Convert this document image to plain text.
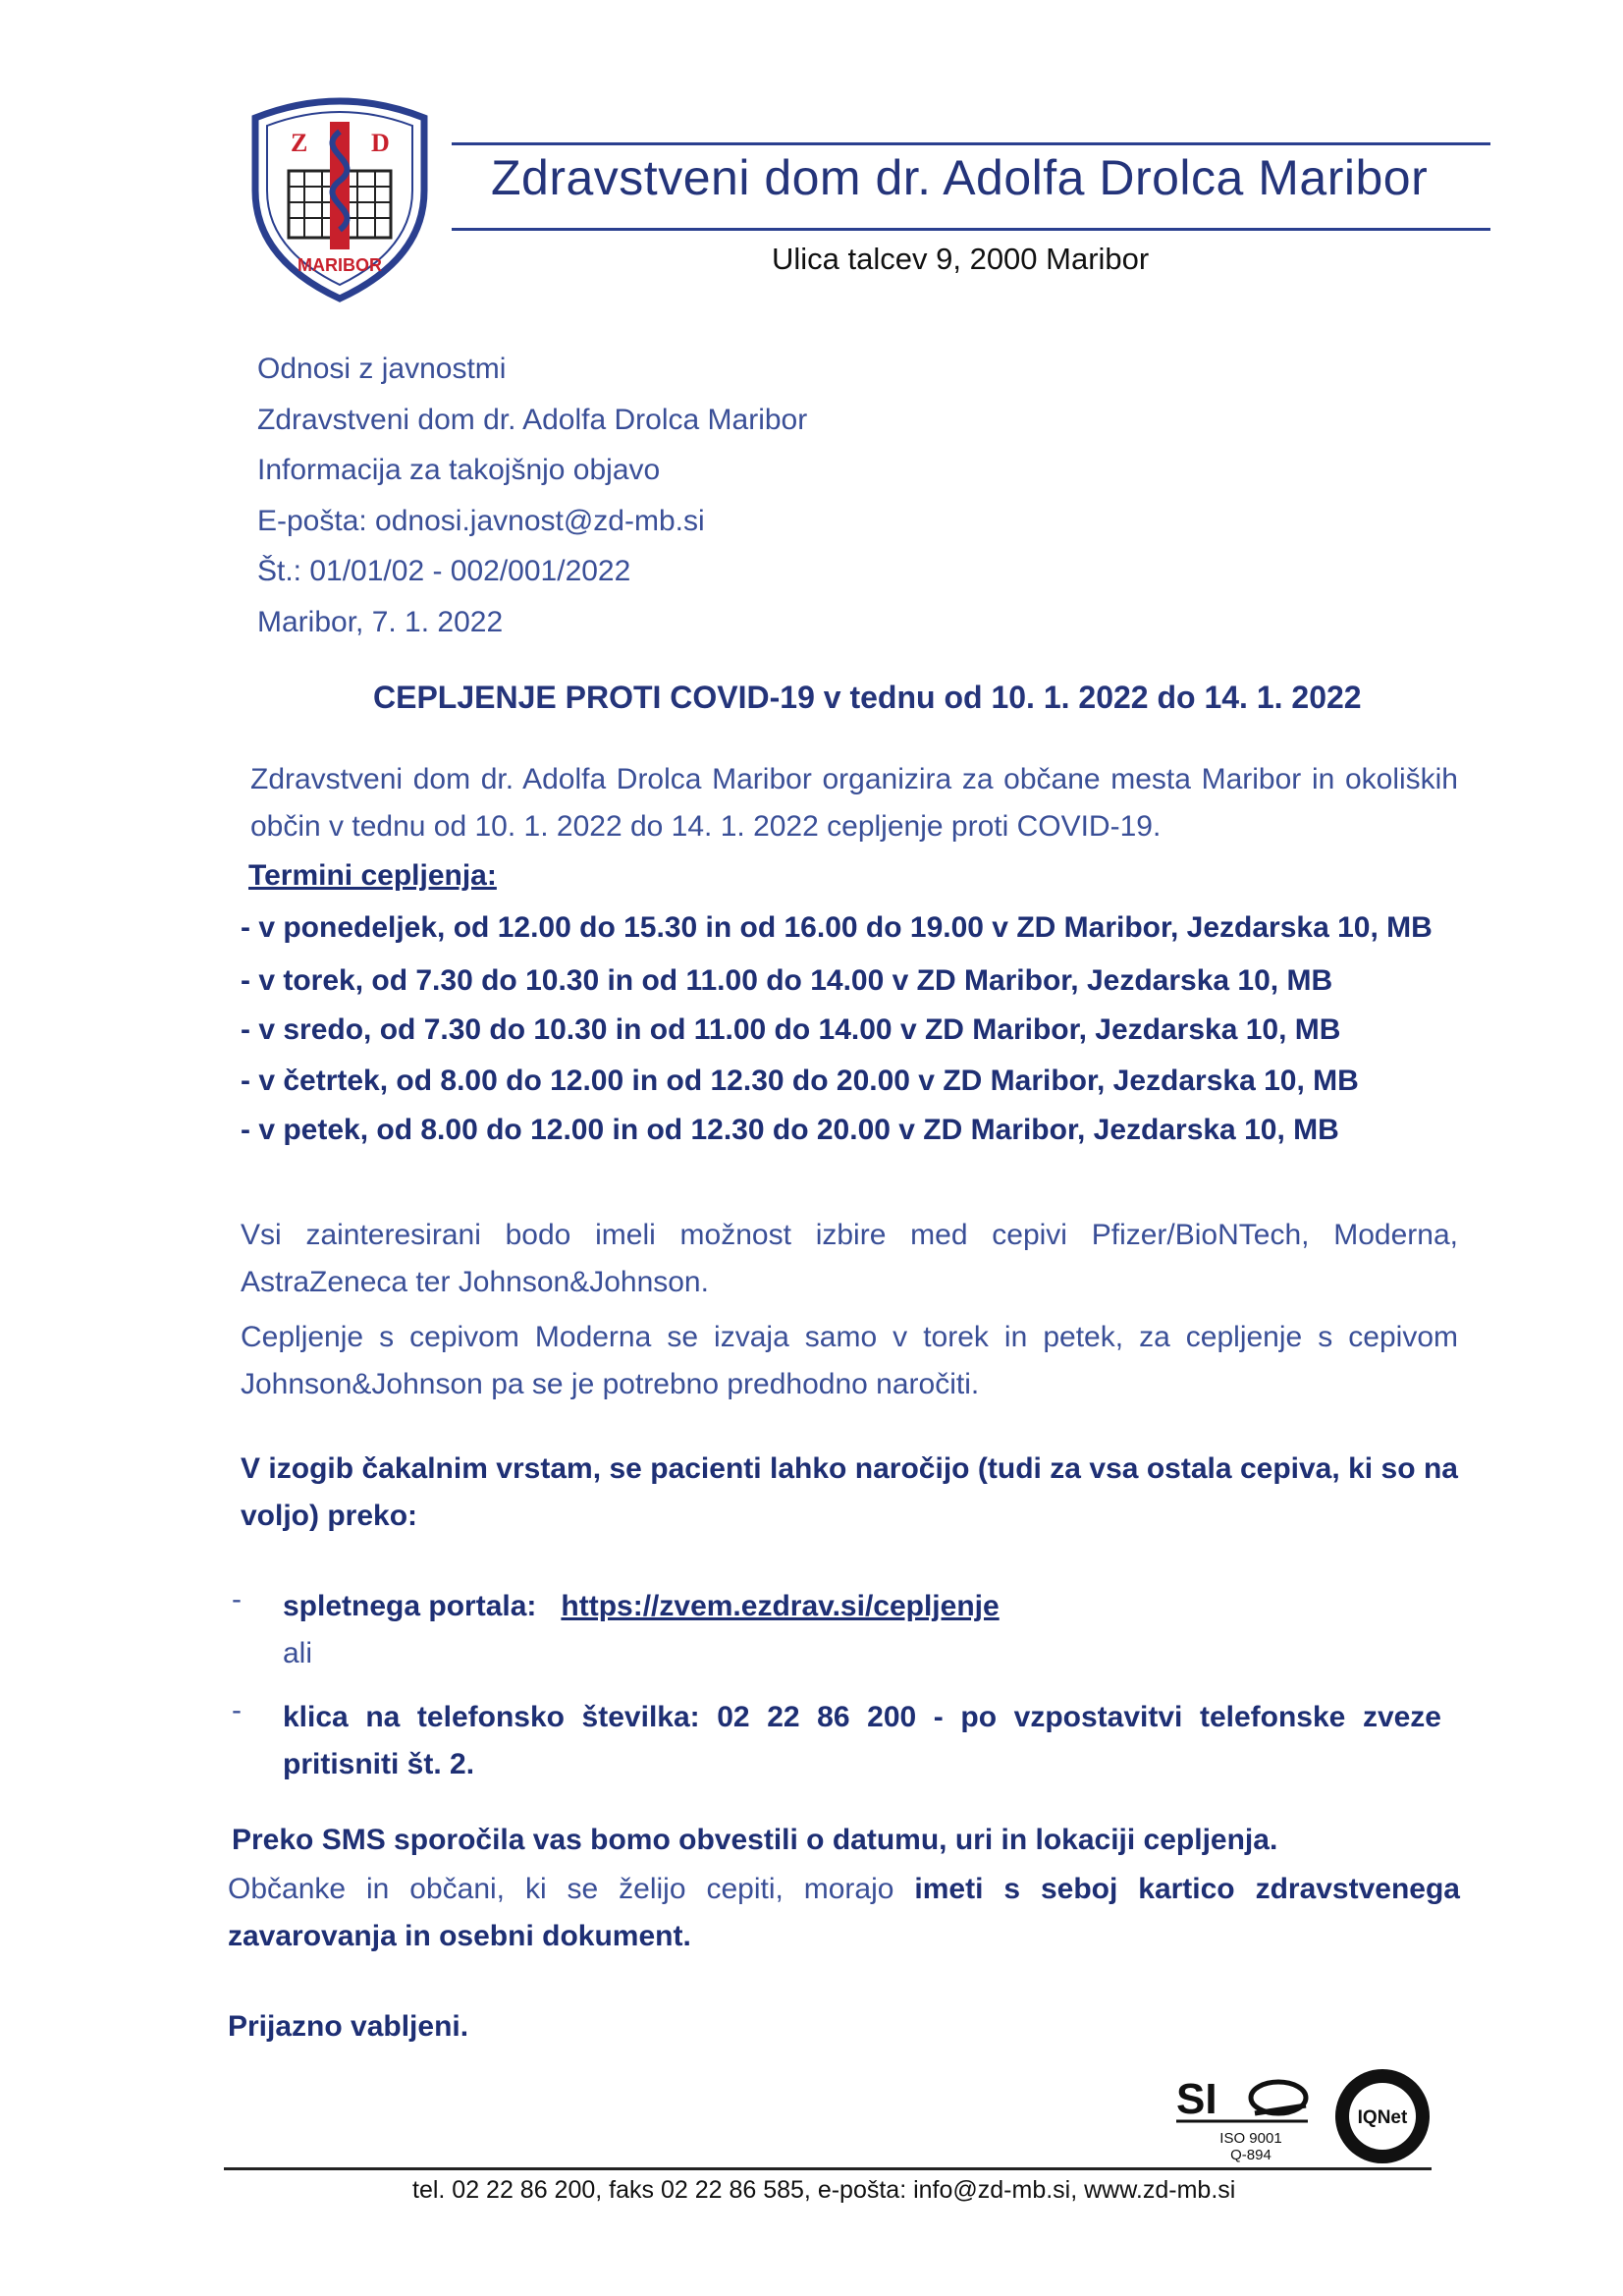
Z D
MARIBOR
Zdravstveni dom dr. Adolfa Drolca Maribor
Ulica talcev 9, 2000 Maribor
Odnosi z javnostmi
Zdravstveni dom dr. Adolfa Drolca Maribor
Informacija za takojšnjo objavo
E-pošta: odnosi.javnost@zd-mb.si
Št.: 01/01/02 - 002/001/2022
Maribor, 7. 1. 2022
CEPLJENJE PROTI COVID-19 v tednu od 10. 1. 2022 do 14. 1. 2022

Zdravstveni dom dr. Adolfa Drolca Maribor organizira za občane mesta Maribor in okoliških občin v tednu od 10. 1. 2022 do 14. 1. 2022 cepljenje proti COVID-19.

Termini cepljenja:
- v ponedeljek, od 12.00 do 15.30 in od 16.00 do 19.00 v ZD Maribor, Jezdarska 10, MB
- v torek, od 7.30 do 10.30 in od 11.00 do 14.00 v ZD Maribor, Jezdarska 10, MB
- v sredo, od 7.30 do 10.30 in od 11.00 do 14.00 v ZD Maribor, Jezdarska 10, MB
- v četrtek, od 8.00 do 12.00 in od 12.30 do 20.00 v ZD Maribor, Jezdarska 10, MB
- v petek, od 8.00 do 12.00 in od 12.30 do 20.00 v ZD Maribor, Jezdarska 10, MB

Vsi zainteresirani bodo imeli možnost izbire med cepivi Pfizer/BioNTech, Moderna, AstraZeneca ter Johnson&Johnson.

Cepljenje s cepivom Moderna se izvaja samo v torek in petek, za cepljenje s cepivom Johnson&Johnson pa se je potrebno predhodno naročiti.

V izogib čakalnim vrstam, se pacienti lahko naročijo (tudi za vsa ostala cepiva, ki so na voljo) preko:

- spletnega portala: https://zvem.ezdrav.si/cepljenje
ali
- klica na telefonsko številka: 02 22 86 200 - po vzpostavitvi telefonske zveze pritisniti št. 2.

Preko SMS sporočila vas bomo obvestili o datumu, uri in lokaciji cepljenja.

Občanke in občani, ki se želijo cepiti, morajo imeti s seboj kartico zdravstvenega zavarovanja in osebni dokument.

Prijazno vabljeni.
SI
ISO 9001
Q-894
IQNet
tel. 02 22 86 200, faks 02 22 86 585, e-pošta: info@zd-mb.si, www.zd-mb.si
